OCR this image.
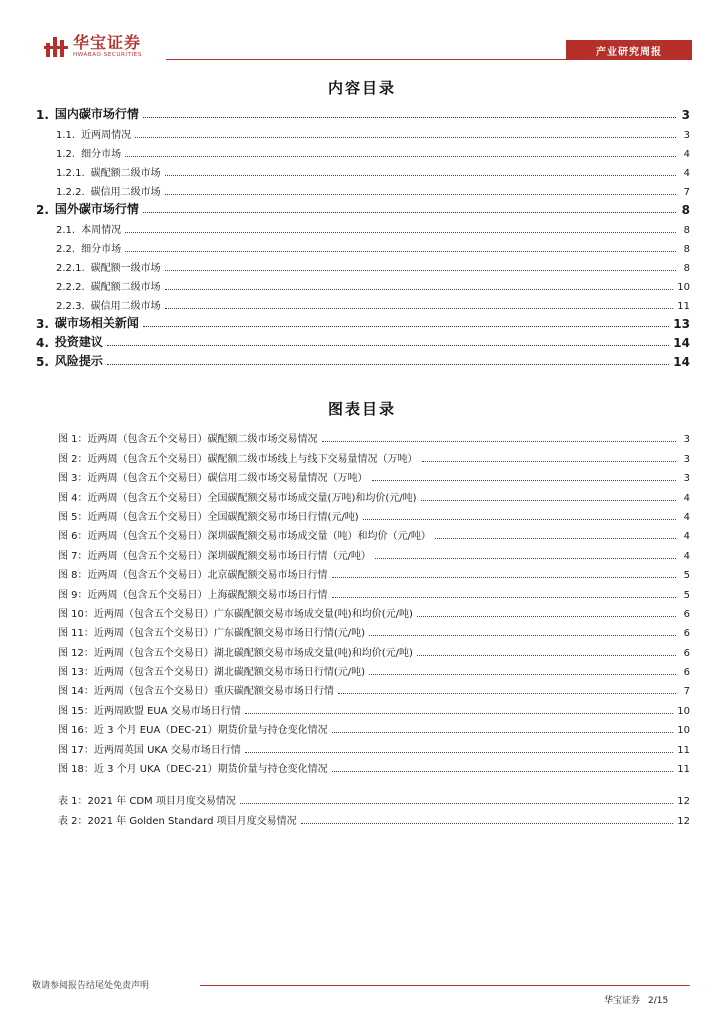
华宝证券
HWABAO SECURITIES	产业研究周报
内容目录
1. 国内碳市场行情	3
1.1. 近两周情况	3
1.2. 细分市场	4
1.2.1. 碳配额二级市场	4
1.2.2. 碳信用二级市场	7
2. 国外碳市场行情	8
2.1. 本周情况	8
2.2. 细分市场	8
2.2.1. 碳配额一级市场	8
2.2.2. 碳配额二级市场	10
2.2.3. 碳信用二级市场	11
3. 碳市场相关新闻	13
4. 投资建议	14
5. 风险提示	14
图表目录
图 1：近两周（包含五个交易日）碳配额二级市场交易情况	3
图 2：近两周（包含五个交易日）碳配额二级市场线上与线下交易量情况（万吨）	3
图 3：近两周（包含五个交易日）碳信用二级市场交易量情况（万吨）	3
图 4：近两周（包含五个交易日）全国碳配额交易市场成交量(万吨)和均价(元/吨)	4
图 5：近两周（包含五个交易日）全国碳配额交易市场日行情(元/吨)	4
图 6：近两周（包含五个交易日）深圳碳配额交易市场成交量（吨）和均价（元/吨）	4
图 7：近两周（包含五个交易日）深圳碳配额交易市场日行情（元/吨）	4
图 8：近两周（包含五个交易日）北京碳配额交易市场日行情	5
图 9：近两周（包含五个交易日）上海碳配额交易市场日行情	5
图 10：近两周（包含五个交易日）广东碳配额交易市场成交量(吨)和均价(元/吨)	6
图 11：近两周（包含五个交易日）广东碳配额交易市场日行情(元/吨)	6
图 12：近两周（包含五个交易日）湖北碳配额交易市场成交量(吨)和均价(元/吨)	6
图 13：近两周（包含五个交易日）湖北碳配额交易市场日行情(元/吨)	6
图 14：近两周（包含五个交易日）重庆碳配额交易市场日行情	7
图 15：近两周欧盟 EUA 交易市场日行情	10
图 16：近 3 个月 EUA（DEC-21）期货价量与持仓变化情况	10
图 17：近两周英国 UKA 交易市场日行情	11
图 18：近 3 个月 UKA（DEC-21）期货价量与持仓变化情况	11
表 1：2021 年 CDM 项目月度交易情况	12
表 2：2021 年 Golden Standard 项目月度交易情况	12
敬请参阅报告结尾处免责声明
华宝证券 2/15
